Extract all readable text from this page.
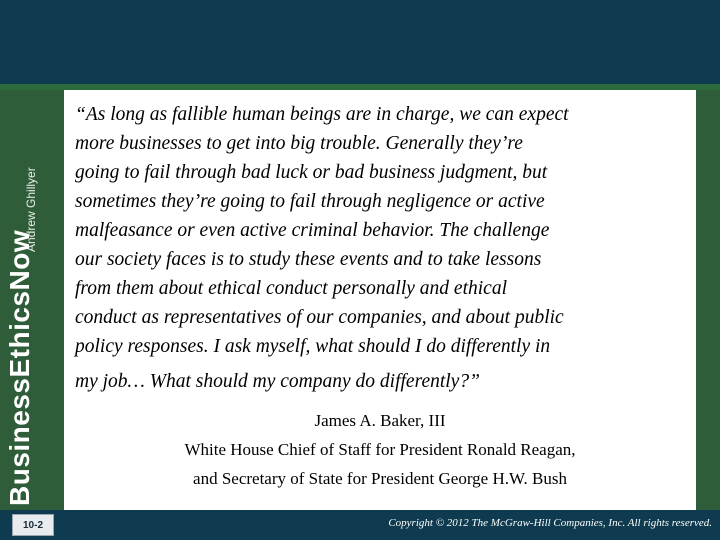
Andrew Ghillyer
BusinessEthicsNow
“As long as fallible human beings are in charge, we can expect
more businesses to get into big trouble. Generally they’re
going to fail through bad luck or bad business judgment, but
sometimes they’re going to fail through negligence or active
malfeasance or even active criminal behavior. The challenge
our society faces is to study these events and to take lessons
from them about ethical conduct personally and ethical
conduct as representatives of our companies, and about public
policy responses. I ask myself, what should I do differently in
my job… What should my company do differently?”
James A. Baker, III
White House Chief of Staff for President Ronald Reagan,
and Secretary of State for President George H.W. Bush
10-2	Copyright © 2012 The McGraw-Hill Companies, Inc. All rights reserved.
